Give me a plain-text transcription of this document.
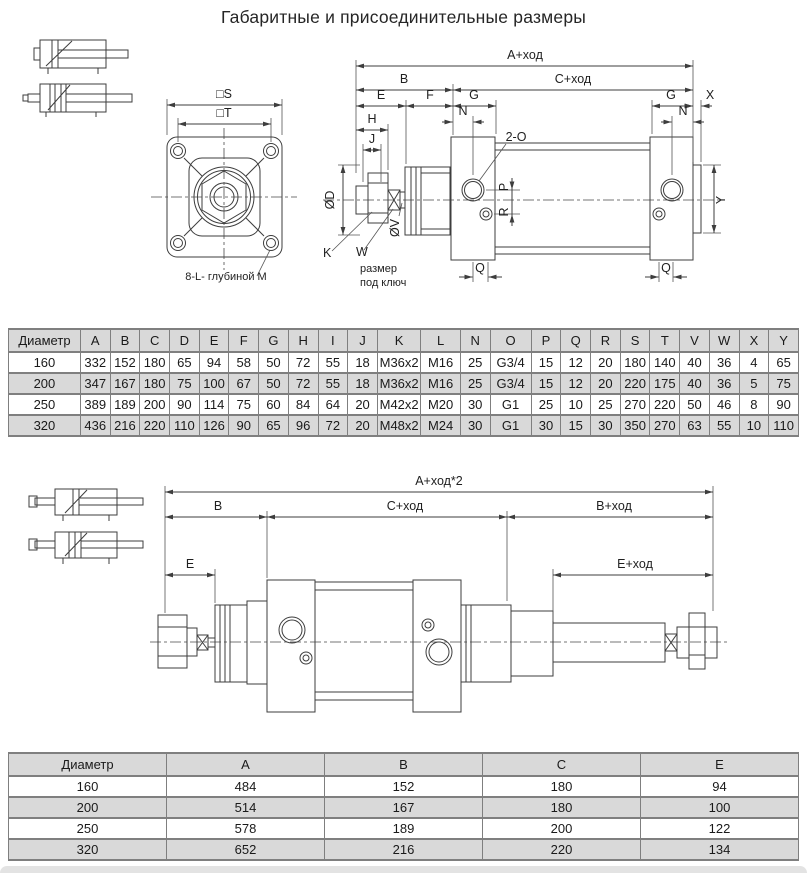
Габаритные и присоединительные размеры
□S
□T
8-L- глубиной M
A+ход
B	C+ход
E	F	G	G X
N	N
H
J
ØD
2-O
ØV
K W
размер
под ключ
P
R
Y
Q	Q
Диаметр	A	B	C	D	E	F	G	H	I	J	K	L	N	O	P	Q	R	S	T	V	W	X	Y
160	332	152	180	65	94	58	50	72	55	18	M36x2	M16	25	G3/4	15	12	20	180	140	40	36	4	65
200	347	167	180	75	100	67	50	72	55	18	M36x2	M16	25	G3/4	15	12	20	220	175	40	36	5	75
250	389	189	200	90	114	75	60	84	64	20	M42x2	M20	30	G1	25	10	25	270	220	50	46	8	90
320	436	216	220	110	126	90	65	96	72	20	M48x2	M24	30	G1	30	15	30	350	270	63	55	10	110
A+ход*2
B	C+ход	B+ход
E	E+ход
Диаметр	A	B	C	E
160	484	152	180	94
200	514	167	180	100
250	578	189	200	122
320	652	216	220	134
